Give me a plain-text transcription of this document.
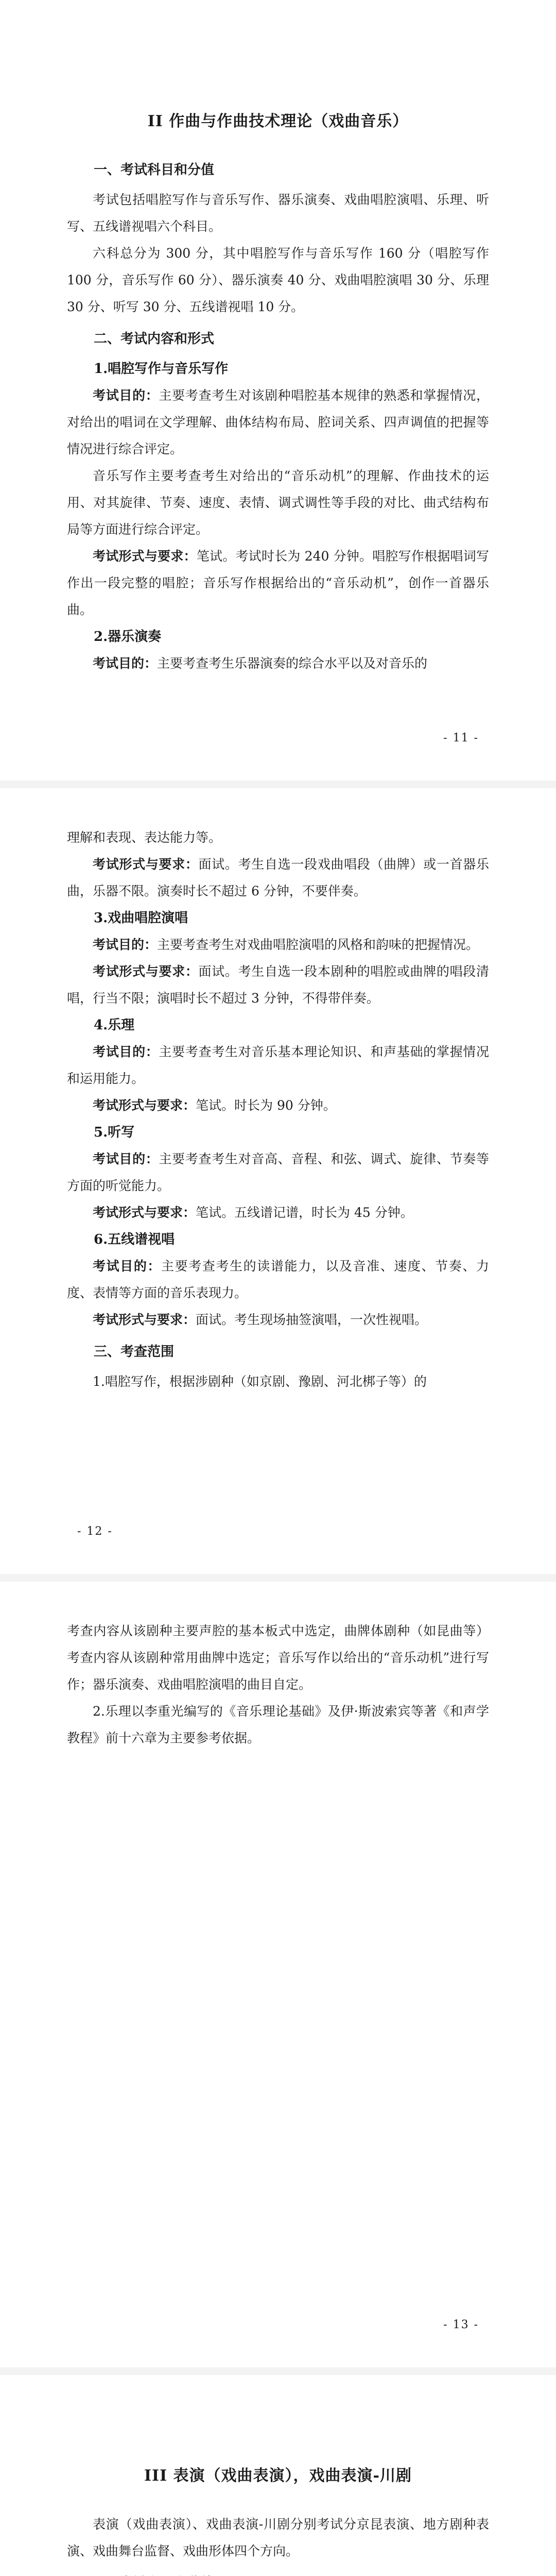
II 作曲与作曲技术理论（戏曲音乐）
一、考试科目和分值
考试包括唱腔写作与音乐写作、器乐演奏、戏曲唱腔演唱、乐理、听写、五线谱视唱六个科目。
六科总分为 300 分，其中唱腔写作与音乐写作 160 分（唱腔写作 100 分，音乐写作 60 分）、器乐演奏 40 分、戏曲唱腔演唱 30 分、乐理 30 分、听写 30 分、五线谱视唱 10 分。
二、考试内容和形式
1.唱腔写作与音乐写作
考试目的：主要考查考生对该剧种唱腔基本规律的熟悉和掌握情况，对给出的唱词在文学理解、曲体结构布局、腔词关系、四声调值的把握等情况进行综合评定。
音乐写作主要考查考生对给出的“音乐动机”的理解、作曲技术的运用、对其旋律、节奏、速度、表情、调式调性等手段的对比、曲式结构布局等方面进行综合评定。
考试形式与要求：笔试。考试时长为 240 分钟。唱腔写作根据唱词写作出一段完整的唱腔；音乐写作根据给出的“音乐动机”，创作一首器乐曲。
2.器乐演奏
考试目的：主要考查考生乐器演奏的综合水平以及对音乐的
- 11 -
理解和表现、表达能力等。
考试形式与要求：面试。考生自选一段戏曲唱段（曲牌）或一首器乐曲，乐器不限。演奏时长不超过 6 分钟，不要伴奏。
3.戏曲唱腔演唱
考试目的：主要考查考生对戏曲唱腔演唱的风格和韵味的把握情况。
考试形式与要求：面试。考生自选一段本剧种的唱腔或曲牌的唱段清唱，行当不限；演唱时长不超过 3 分钟，不得带伴奏。
4.乐理
考试目的：主要考查考生对音乐基本理论知识、和声基础的掌握情况和运用能力。
考试形式与要求：笔试。时长为 90 分钟。
5.听写
考试目的：主要考查考生对音高、音程、和弦、调式、旋律、节奏等方面的听觉能力。
考试形式与要求：笔试。五线谱记谱，时长为 45 分钟。
6.五线谱视唱
考试目的：主要考查考生的读谱能力，以及音准、速度、节奏、力度、表情等方面的音乐表现力。
考试形式与要求：面试。考生现场抽签演唱，一次性视唱。
三、考查范围
1.唱腔写作，根据涉剧种（如京剧、豫剧、河北梆子等）的
- 12 -
考查内容从该剧种主要声腔的基本板式中选定，曲牌体剧种（如昆曲等）考查内容从该剧种常用曲牌中选定；音乐写作以给出的“音乐动机”进行写作；器乐演奏、戏曲唱腔演唱的曲目自定。
2.乐理以李重光编写的《音乐理论基础》及伊·斯波索宾等著《和声学教程》前十六章为主要参考依据。
- 13 -
III 表演（戏曲表演），戏曲表演-川剧
表演（戏曲表演）、戏曲表演-川剧分别考试分京昆表演、地方剧种表演、戏曲舞台监督、戏曲形体四个方向。
